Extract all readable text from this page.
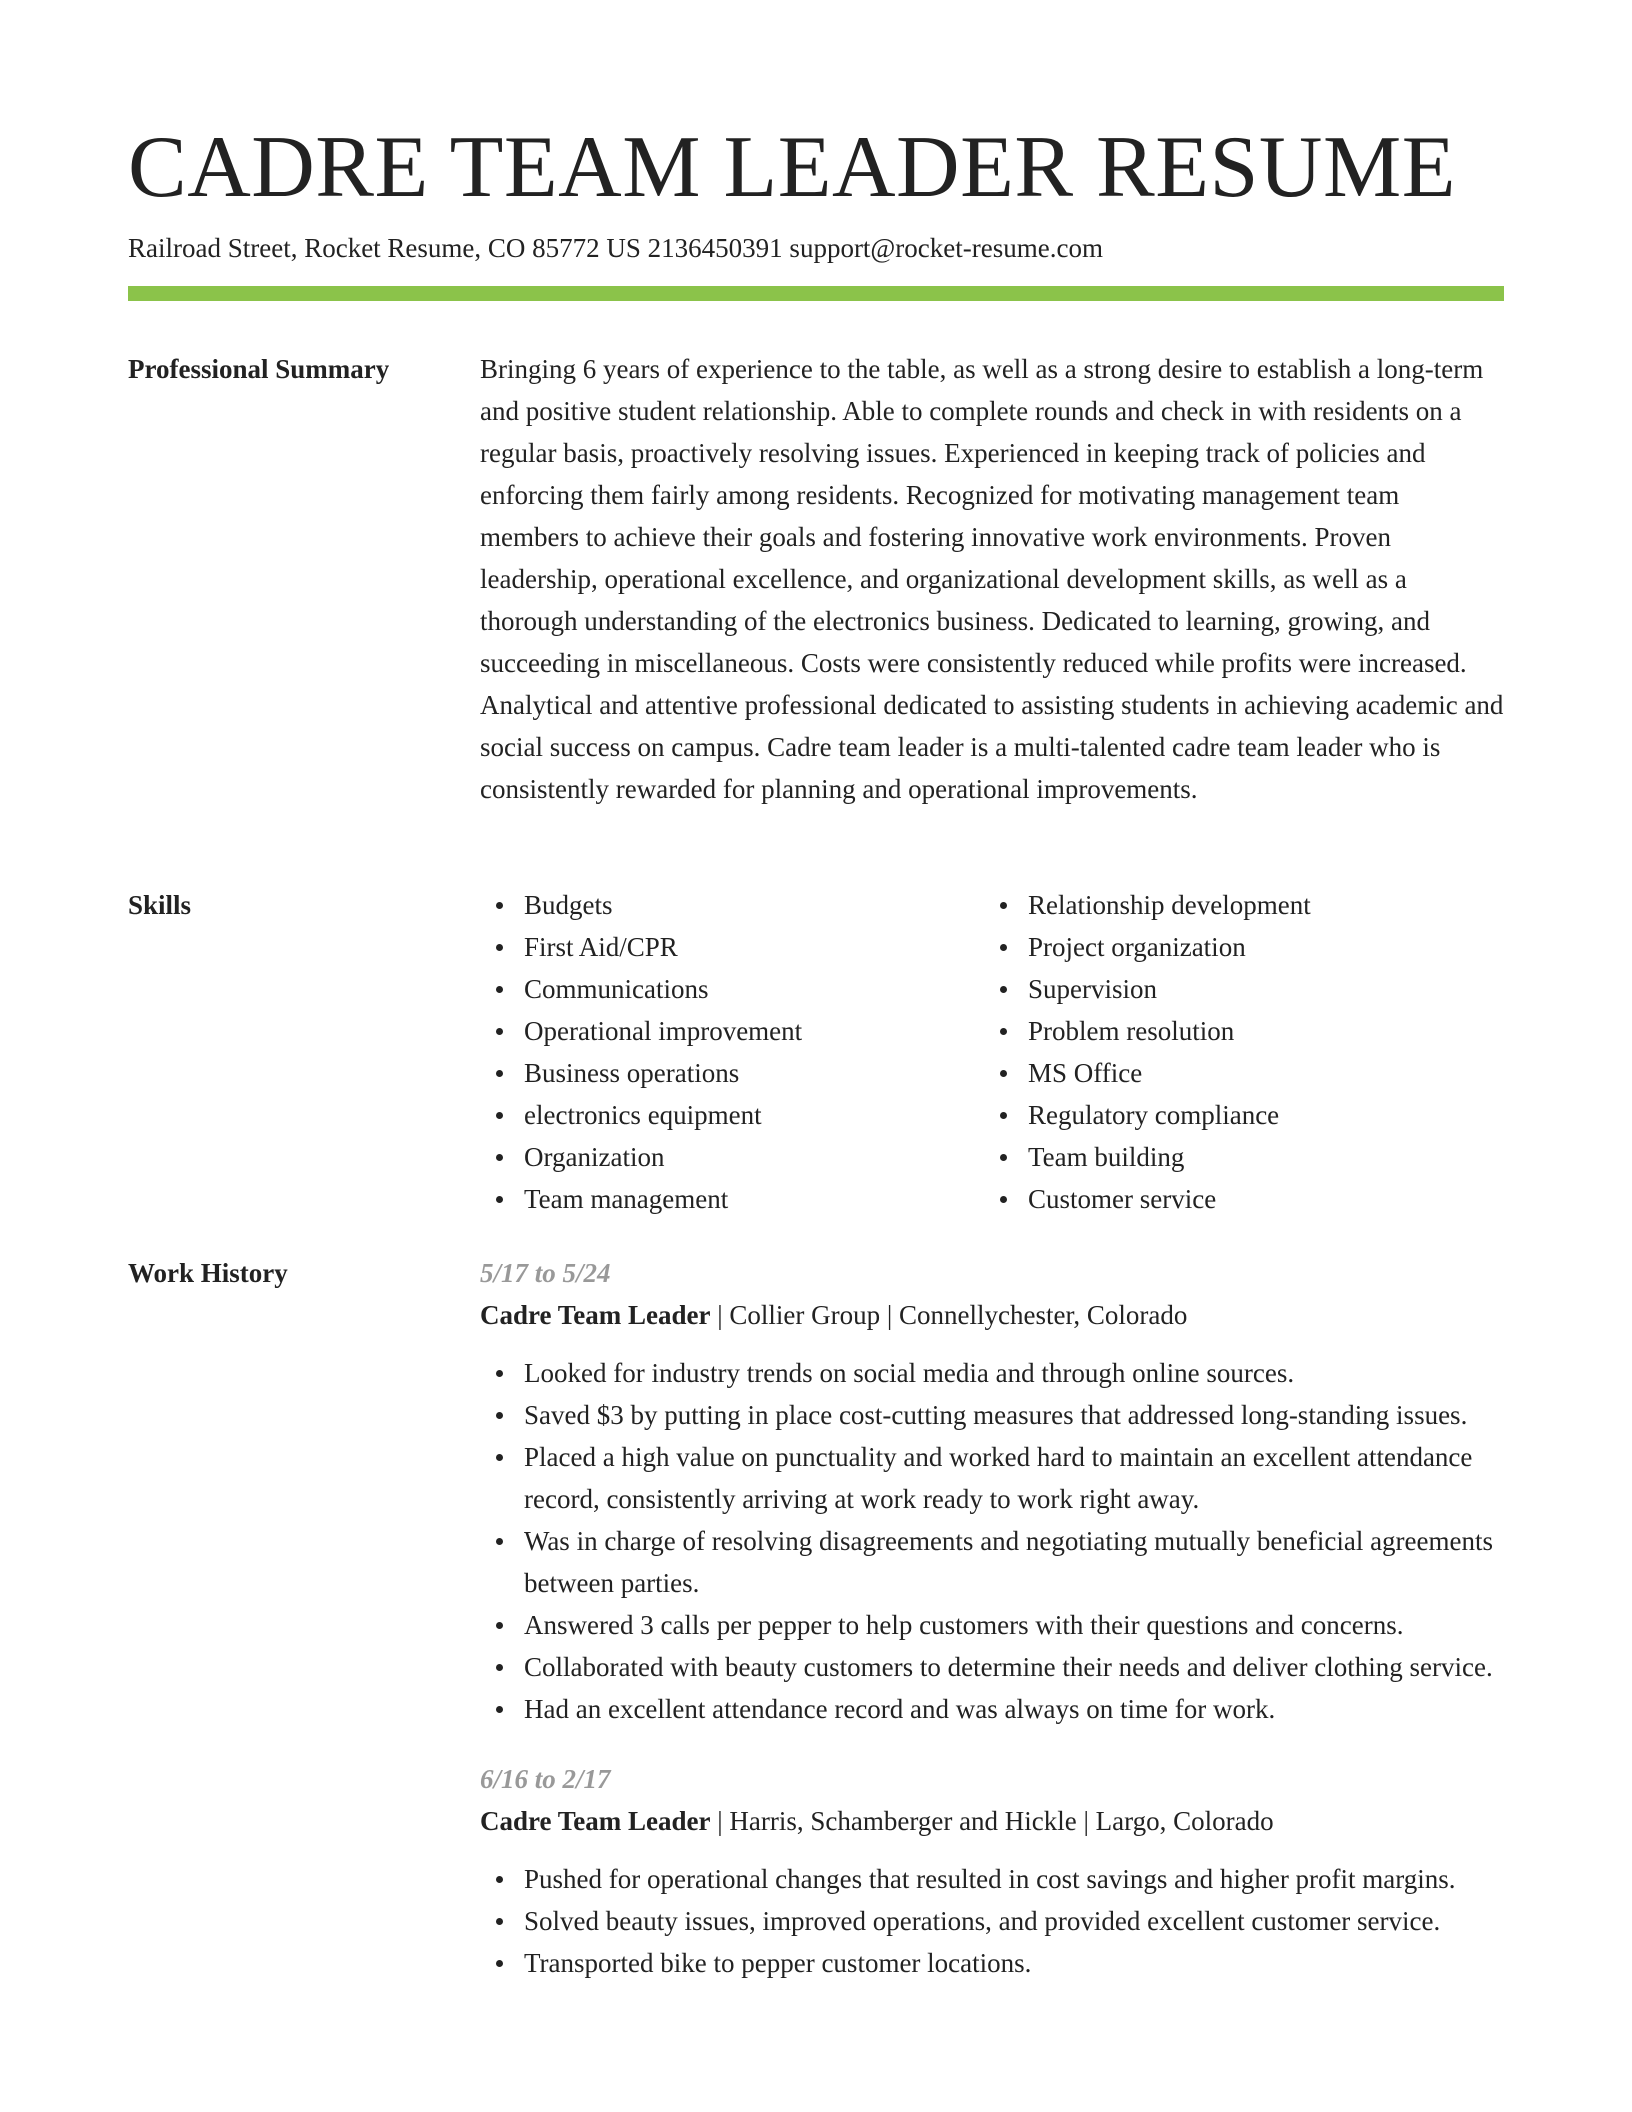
CADRE TEAM LEADER RESUME
Railroad Street, Rocket Resume, CO 85772 US 2136450391 support@rocket-resume.com
Professional Summary	Bringing 6 years of experience to the table, as well as a strong desire to establish a long-term and positive student relationship. Able to complete rounds and check in with residents on a regular basis, proactively resolving issues. Experienced in keeping track of policies and enforcing them fairly among residents. Recognized for motivating management team members to achieve their goals and fostering innovative work environments. Proven leadership, operational excellence, and organizational development skills, as well as a thorough understanding of the electronics business. Dedicated to learning, growing, and succeeding in miscellaneous. Costs were consistently reduced while profits were increased. Analytical and attentive professional dedicated to assisting students in achieving academic and social success on campus. Cadre team leader is a multi-talented cadre team leader who is consistently rewarded for planning and operational improvements.

Skills	Budgets
First Aid/CPR
Communications
Operational improvement
Business operations
electronics equipment
Organization
Team management
Relationship development
Project organization
Supervision
Problem resolution
MS Office
Regulatory compliance
Team building
Customer service
Work History	5/17 to 5/24
Cadre Team Leader | Collier Group | Connellychester, Colorado
Looked for industry trends on social media and through online sources.
Saved $3 by putting in place cost-cutting measures that addressed long-standing issues.
Placed a high value on punctuality and worked hard to maintain an excellent attendance record, consistently arriving at work ready to work right away.
Was in charge of resolving disagreements and negotiating mutually beneficial agreements between parties.
Answered 3 calls per pepper to help customers with their questions and concerns.
Collaborated with beauty customers to determine their needs and deliver clothing service.
Had an excellent attendance record and was always on time for work.
6/16 to 2/17
Cadre Team Leader | Harris, Schamberger and Hickle | Largo, Colorado
Pushed for operational changes that resulted in cost savings and higher profit margins.
Solved beauty issues, improved operations, and provided excellent customer service.
Transported bike to pepper customer locations.
